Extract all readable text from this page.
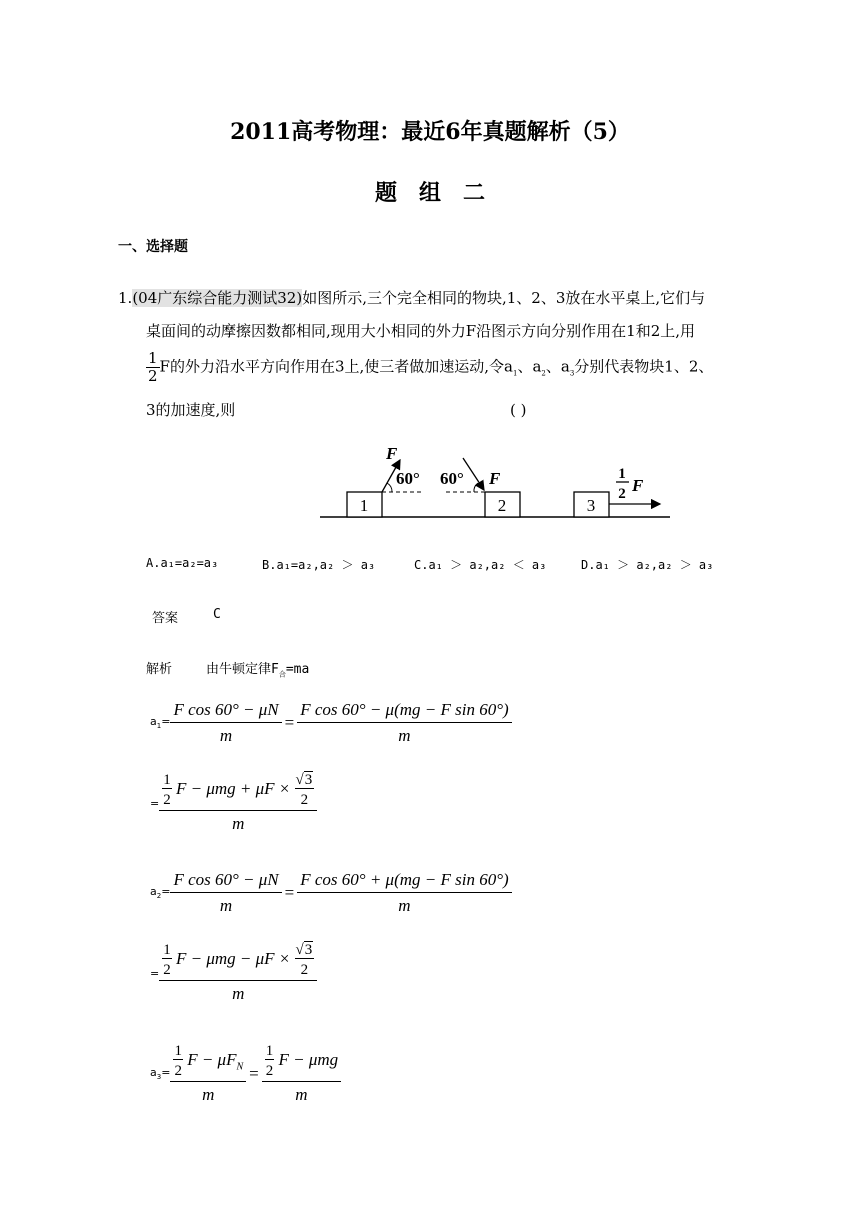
2011高考物理：最近6年真题解析（5）
题组二
一、选择题
1.(04广东综合能力测试32)如图所示,三个完全相同的物块,1、2、3放在水平桌上,它们与
桌面间的动摩擦因数都相同,现用大小相同的外力F沿图示方向分别作用在1和2上,用
$\frac{1}{2}$ F的外力沿水平方向作用在3上,使三者做加速运动,令$a_1$、$a_2$、$a_3$分别代表物块1、2、
3的加速度,则	( )
1
F
60°
2
60° F
3
1
2 F
A.a₁=a₂=a₃	B.a₁=a₂,a₂ ＞ a₃	C.a₁ ＞ a₂,a₂ ＜ a₃	D.a₁ ＞ a₂,a₂ ＞ a₃
答案	C
解析	由牛顿定律$F_合=ma$
$a_1= \frac{\text{F cos 60° − μN}}{m} = \frac{\text{F cos 60° − μ(mg − F sin 60°)}}{m}$
= $\frac{1}{2}$ $F - \mu mg + \mu F \times \frac{√3}{2}$
m
$a_2= \frac{\text{F cos 60° − μN}}{m} = \frac{\text{F cos 60° + μ(mg − F sin 60°)}}{m}$
= $\frac{1}{2}$ $F - \mu mg - \mu F \times \frac{√3}{2}$
m
$a_3= \frac{1}{2}$ $F - \mu F_N$
m
= $\frac{1}{2}$ F − μmg
m
